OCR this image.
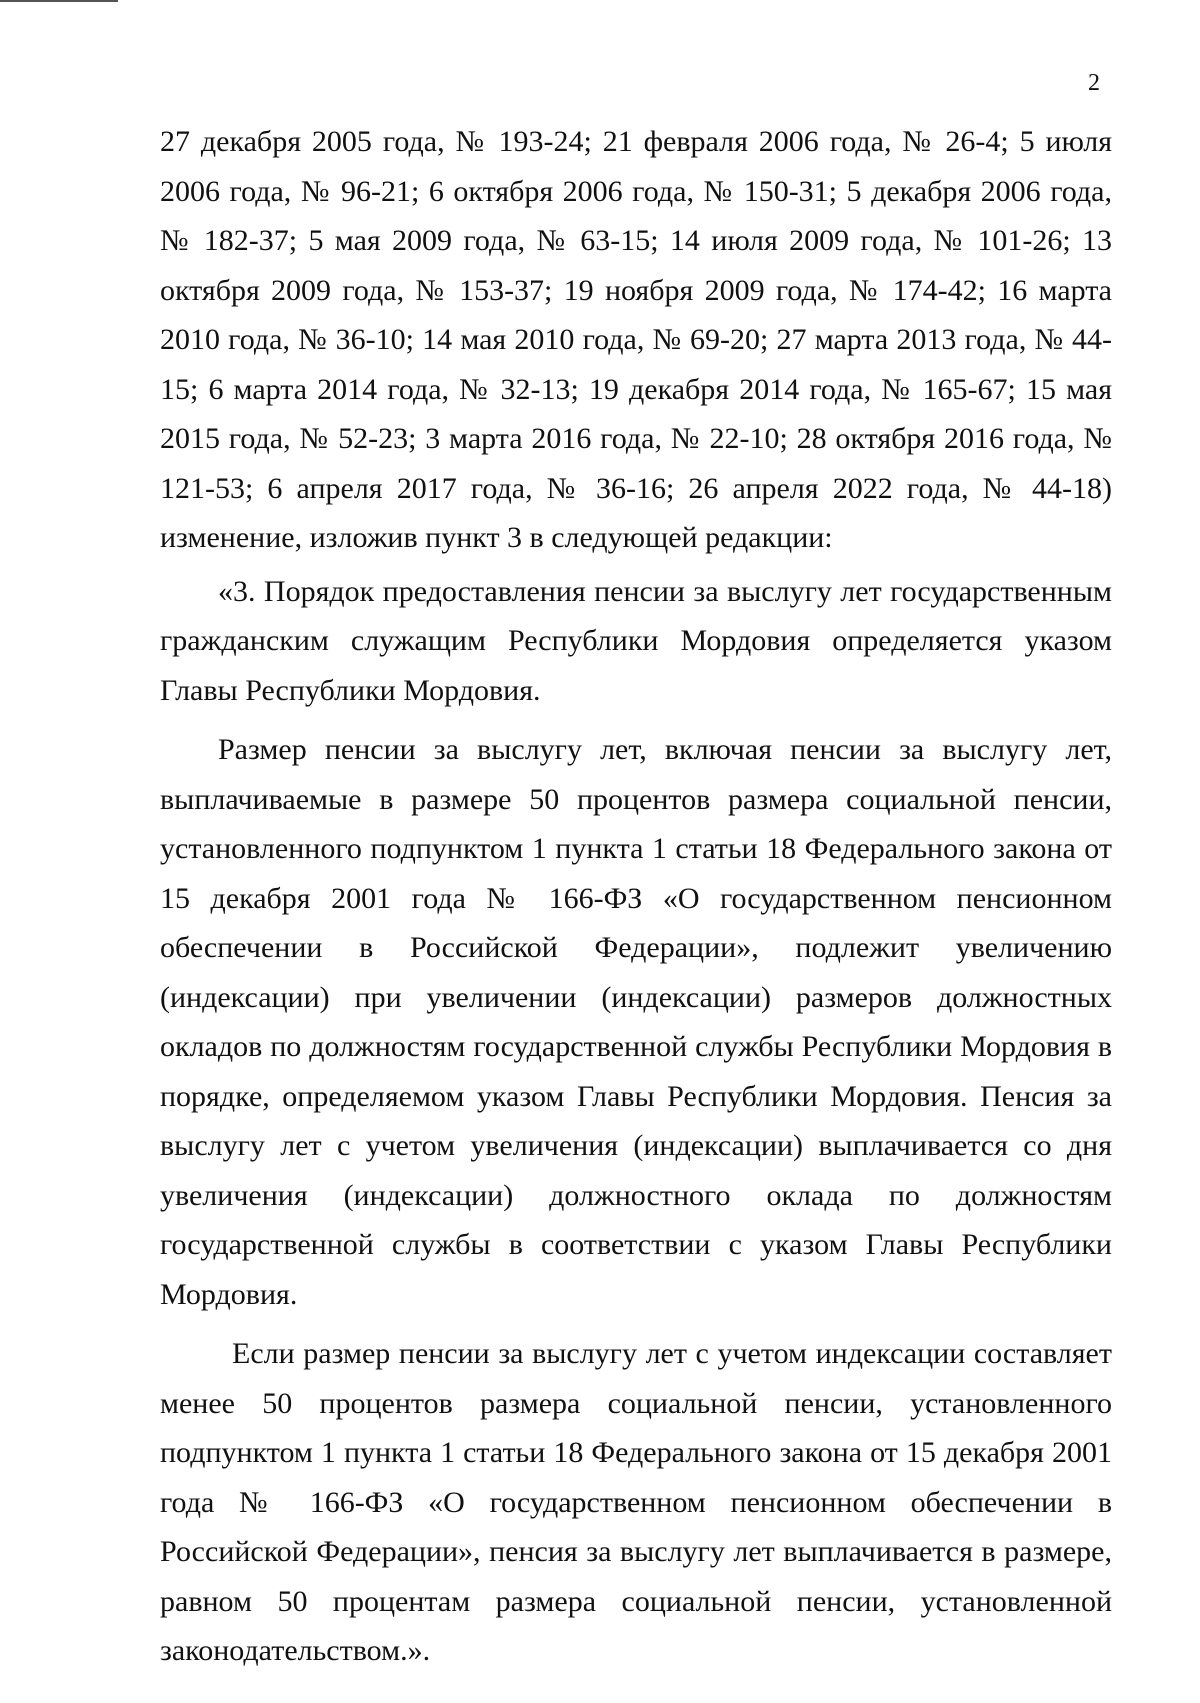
2

27 декабря 2005 года, № 193-24; 21 февраля 2006 года, № 26-4; 5 июля 2006 года, № 96-21; 6 октября 2006 года, № 150-31; 5 декабря 2006 года, № 182-37; 5 мая 2009 года, № 63-15; 14 июля 2009 года, № 101-26; 13 октября 2009 года, № 153-37; 19 ноября 2009 года, № 174-42; 16 марта 2010 года, № 36-10; 14 мая 2010 года, № 69-20; 27 марта 2013 года, № 44-15; 6 марта 2014 года, № 32-13; 19 декабря 2014 года, № 165-67; 15 мая 2015 года, № 52-23; 3 марта 2016 года, № 22-10; 28 октября 2016 года, № 121-53; 6 апреля 2017 года, № 36-16; 26 апреля 2022 года, № 44-18) изменение, изложив пункт 3 в следующей редакции:

«3. Порядок предоставления пенсии за выслугу лет государственным гражданским служащим Республики Мордовия определяется указом Главы Республики Мордовия.

Размер пенсии за выслугу лет, включая пенсии за выслугу лет, выплачиваемые в размере 50 процентов размера социальной пенсии, установленного подпунктом 1 пункта 1 статьи 18 Федерального закона от 15 декабря 2001 года № 166-ФЗ «О государственном пенсионном обеспечении в Российской Федерации», подлежит увеличению (индексации) при увеличении (индексации) размеров должностных окладов по должностям государственной службы Республики Мордовия в порядке, определяемом указом Главы Республики Мордовия. Пенсия за выслугу лет с учетом увеличения (индексации) выплачивается со дня увеличения (индексации) должностного оклада по должностям государственной службы в соответствии с указом Главы Республики Мордовия.

Если размер пенсии за выслугу лет с учетом индексации составляет менее 50 процентов размера социальной пенсии, установленного подпунктом 1 пункта 1 статьи 18 Федерального закона от 15 декабря 2001 года № 166-ФЗ «О государственном пенсионном обеспечении в Российской Федерации», пенсия за выслугу лет выплачивается в размере, равном 50 процентам размера социальной пенсии, установленной законодательством.».
